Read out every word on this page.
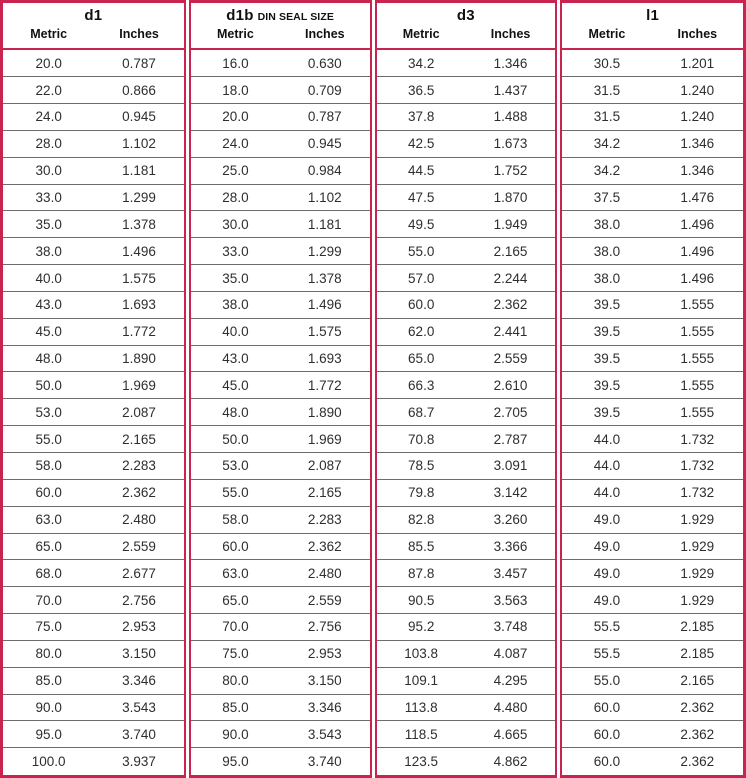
d1		d1b DIN SEAL SIZE		d3		l1	
Metric	Inches	Metric	Inches	Metric	Inches	Metric	Inches
20.0	0.787	16.0	0.630	34.2	1.346	30.5	1.201
22.0	0.866	18.0	0.709	36.5	1.437	31.5	1.240
24.0	0.945	20.0	0.787	37.8	1.488	31.5	1.240
28.0	1.102	24.0	0.945	42.5	1.673	34.2	1.346
30.0	1.181	25.0	0.984	44.5	1.752	34.2	1.346
33.0	1.299	28.0	1.102	47.5	1.870	37.5	1.476
35.0	1.378	30.0	1.181	49.5	1.949	38.0	1.496
38.0	1.496	33.0	1.299	55.0	2.165	38.0	1.496
40.0	1.575	35.0	1.378	57.0	2.244	38.0	1.496
43.0	1.693	38.0	1.496	60.0	2.362	39.5	1.555
45.0	1.772	40.0	1.575	62.0	2.441	39.5	1.555
48.0	1.890	43.0	1.693	65.0	2.559	39.5	1.555
50.0	1.969	45.0	1.772	66.3	2.610	39.5	1.555
53.0	2.087	48.0	1.890	68.7	2.705	39.5	1.555
55.0	2.165	50.0	1.969	70.8	2.787	44.0	1.732
58.0	2.283	53.0	2.087	78.5	3.091	44.0	1.732
60.0	2.362	55.0	2.165	79.8	3.142	44.0	1.732
63.0	2.480	58.0	2.283	82.8	3.260	49.0	1.929
65.0	2.559	60.0	2.362	85.5	3.366	49.0	1.929
68.0	2.677	63.0	2.480	87.8	3.457	49.0	1.929
70.0	2.756	65.0	2.559	90.5	3.563	49.0	1.929
75.0	2.953	70.0	2.756	95.2	3.748	55.5	2.185
80.0	3.150	75.0	2.953	103.8	4.087	55.5	2.185
85.0	3.346	80.0	3.150	109.1	4.295	55.0	2.165
90.0	3.543	85.0	3.346	113.8	4.480	60.0	2.362
95.0	3.740	90.0	3.543	118.5	4.665	60.0	2.362
100.0	3.937	95.0	3.740	123.5	4.862	60.0	2.362
